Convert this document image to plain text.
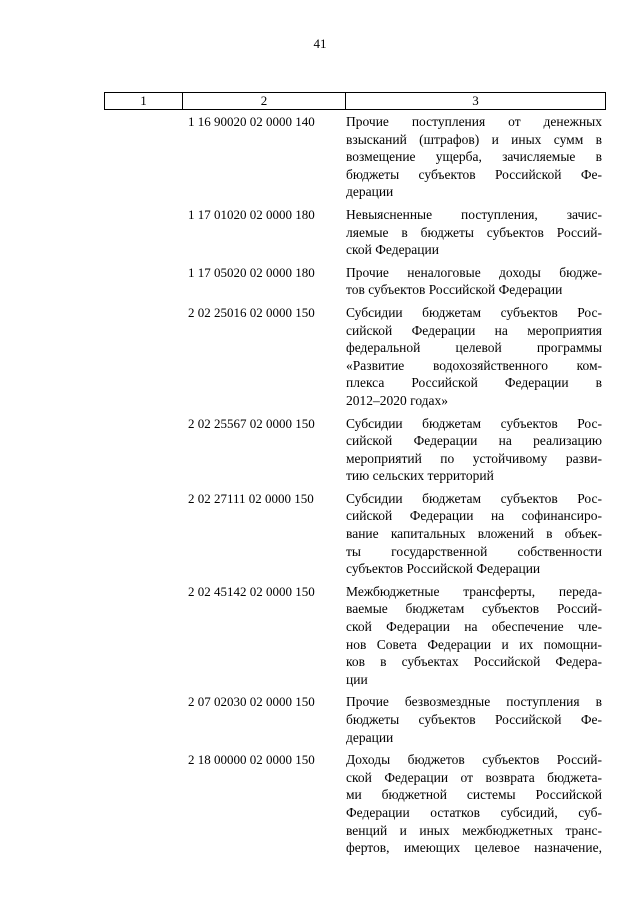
41
1	2	3
1 16 90020 02 0000 140	Прочие поступления от денежных
взысканий (штрафов) и иных сумм в
возмещение ущерба, зачисляемые в
бюджеты субъектов Российской Фе-
дерации
1 17 01020 02 0000 180	Невыясненные поступления, зачис-
ляемые в бюджеты субъектов Россий-
ской Федерации
1 17 05020 02 0000 180	Прочие неналоговые доходы бюдже-
тов субъектов Российской Федерации
2 02 25016 02 0000 150	Субсидии бюджетам субъектов Рос-
сийской Федерации на мероприятия
федеральной целевой программы
«Развитие водохозяйственного ком-
плекса Российской Федерации в
2012–2020 годах»
2 02 25567 02 0000 150	Субсидии бюджетам субъектов Рос-
сийской Федерации на реализацию
мероприятий по устойчивому разви-
тию сельских территорий
2 02 27111 02 0000 150	Субсидии бюджетам субъектов Рос-
сийской Федерации на софинансиро-
вание капитальных вложений в объек-
ты государственной собственности
субъектов Российской Федерации
2 02 45142 02 0000 150	Межбюджетные трансферты, переда-
ваемые бюджетам субъектов Россий-
ской Федерации на обеспечение чле-
нов Совета Федерации и их помощни-
ков в субъектах Российской Федера-
ции
2 07 02030 02 0000 150	Прочие безвозмездные поступления в
бюджеты субъектов Российской Фе-
дерации
2 18 00000 02 0000 150	Доходы бюджетов субъектов Россий-
ской Федерации от возврата бюджета-
ми бюджетной системы Российской
Федерации остатков субсидий, суб-
венций и иных межбюджетных транс-
фертов, имеющих целевое назначение,
